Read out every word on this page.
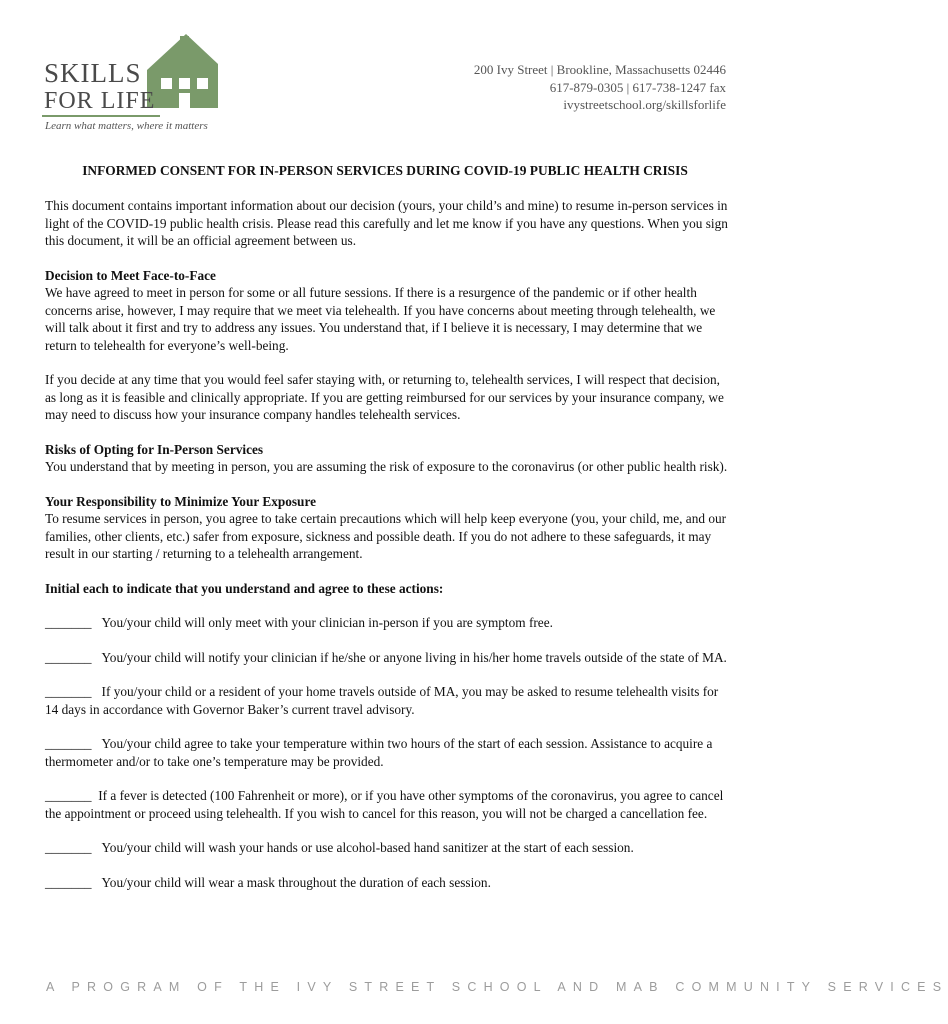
SKILLS
FOR LIFE
Learn what matters, where it matters
200 Ivy Street | Brookline, Massachusetts 02446
617-879-0305 | 617-738-1247 fax
ivystreetschool.org/skillsforlife
INFORMED CONSENT FOR IN-PERSON SERVICES DURING COVID-19 PUBLIC HEALTH CRISIS

This document contains important information about our decision (yours, your child’s and mine) to resume in-person services in light of the COVID-19 public health crisis. Please read this carefully and let me know if you have any questions. When you sign this document, it will be an official agreement between us.

Decision to Meet Face-to-Face

We have agreed to meet in person for some or all future sessions. If there is a resurgence of the pandemic or if other health concerns arise, however, I may require that we meet via telehealth. If you have concerns about meeting through telehealth, we will talk about it first and try to address any issues. You understand that, if I believe it is necessary, I may determine that we return to telehealth for everyone’s well-being.

If you decide at any time that you would feel safer staying with, or returning to, telehealth services, I will respect that decision, as long as it is feasible and clinically appropriate. If you are getting reimbursed for our services by your insurance company, we may need to discuss how your insurance company handles telehealth services.

Risks of Opting for In-Person Services

You understand that by meeting in person, you are assuming the risk of exposure to the coronavirus (or other public health risk).

Your Responsibility to Minimize Your Exposure

To resume services in person, you agree to take certain precautions which will help keep everyone (you, your child, me, and our families, other clients, etc.) safer from exposure, sickness and possible death. If you do not adhere to these safeguards, it may result in our starting / returning to a telehealth arrangement.

Initial each to indicate that you understand and agree to these actions:

_______ You/your child will only meet with your clinician in-person if you are symptom free.

_______ You/your child will notify your clinician if he/she or anyone living in his/her home travels outside of the state of MA.

_______ If you/your child or a resident of your home travels outside of MA, you may be asked to resume telehealth visits for 14 days in accordance with Governor Baker’s current travel advisory.

_______ You/your child agree to take your temperature within two hours of the start of each session. Assistance to acquire a thermometer and/or to take one’s temperature may be provided.

_______ If a fever is detected (100 Fahrenheit or more), or if you have other symptoms of the coronavirus, you agree to cancel the appointment or proceed using telehealth. If you wish to cancel for this reason, you will not be charged a cancellation fee.

_______ You/your child will wash your hands or use alcohol-based hand sanitizer at the start of each session.

_______ You/your child will wear a mask throughout the duration of each session.

A PROGRAM OF THE IVY STREET SCHOOL AND MAB COMMUNITY SERVICES
